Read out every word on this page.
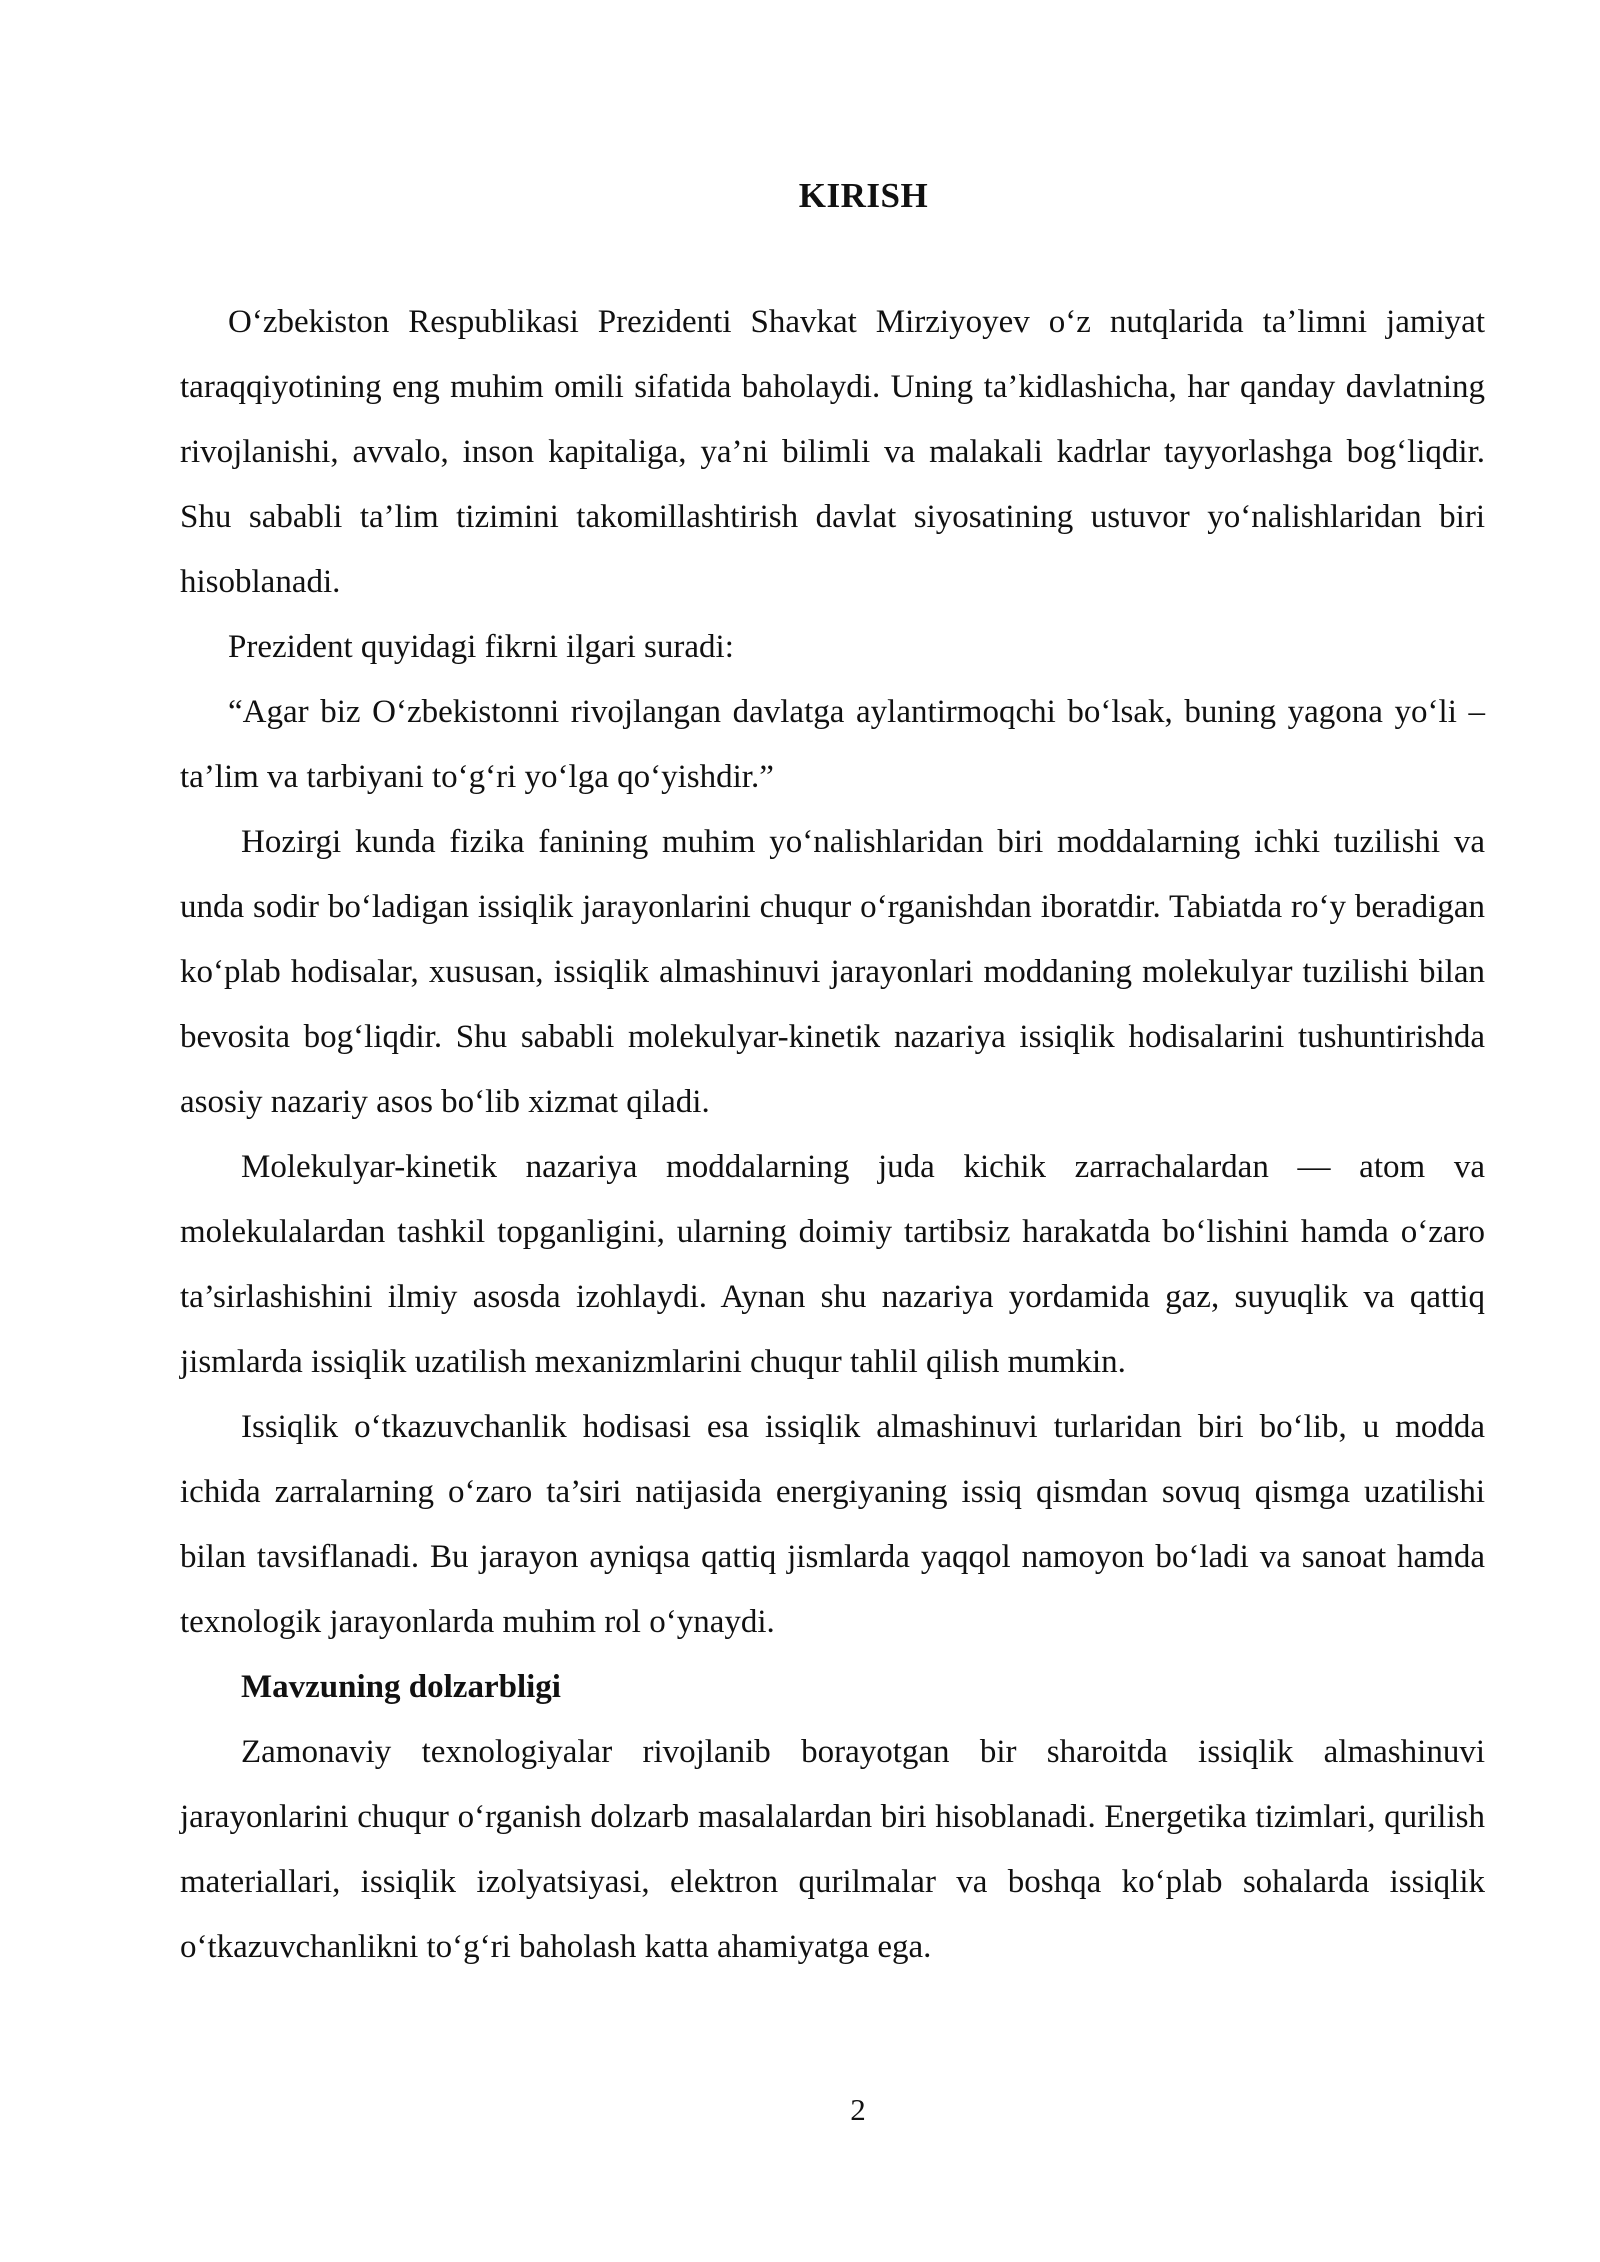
KIRISH

O‘zbekiston Respublikasi Prezidenti Shavkat Mirziyoyev o‘z nutqlarida ta’limni jamiyat taraqqiyotining eng muhim omili sifatida baholaydi. Uning ta’kidlashicha, har qanday davlatning rivojlanishi, avvalo, inson kapitaliga, ya’ni bilimli va malakali kadrlar tayyorlashga bog‘liqdir. Shu sababli ta’lim tizimini takomillashtirish davlat siyosatining ustuvor yo‘nalishlaridan biri hisoblanadi.

Prezident quyidagi fikrni ilgari suradi:

“Agar biz O‘zbekistonni rivojlangan davlatga aylantirmoqchi bo‘lsak, buning yagona yo‘li – ta’lim va tarbiyani to‘g‘ri yo‘lga qo‘yishdir.”

Hozirgi kunda fizika fanining muhim yo‘nalishlaridan biri moddalarning ichki tuzilishi va unda sodir bo‘ladigan issiqlik jarayonlarini chuqur o‘rganishdan iboratdir. Tabiatda ro‘y beradigan ko‘plab hodisalar, xususan, issiqlik almashinuvi jarayonlari moddaning molekulyar tuzilishi bilan bevosita bog‘liqdir. Shu sababli molekulyar-kinetik nazariya issiqlik hodisalarini tushuntirishda asosiy nazariy asos bo‘lib xizmat qiladi.

Molekulyar-kinetik nazariya moddalarning juda kichik zarrachalardan — atom va molekulalardan tashkil topganligini, ularning doimiy tartibsiz harakatda bo‘lishini hamda o‘zaro ta’sirlashishini ilmiy asosda izohlaydi. Aynan shu nazariya yordamida gaz, suyuqlik va qattiq jismlarda issiqlik uzatilish mexanizmlarini chuqur tahlil qilish mumkin.

Issiqlik o‘tkazuvchanlik hodisasi esa issiqlik almashinuvi turlaridan biri bo‘lib, u modda ichida zarralarning o‘zaro ta’siri natijasida energiyaning issiq qismdan sovuq qismga uzatilishi bilan tavsiflanadi. Bu jarayon ayniqsa qattiq jismlarda yaqqol namoyon bo‘ladi va sanoat hamda texnologik jarayonlarda muhim rol o‘ynaydi.

Mavzuning dolzarbligi

Zamonaviy texnologiyalar rivojlanib borayotgan bir sharoitda issiqlik almashinuvi jarayonlarini chuqur o‘rganish dolzarb masalalardan biri hisoblanadi. Energetika tizimlari, qurilish materiallari, issiqlik izolyatsiyasi, elektron qurilmalar va boshqa ko‘plab sohalarda issiqlik o‘tkazuvchanlikni to‘g‘ri baholash katta ahamiyatga ega.

2
